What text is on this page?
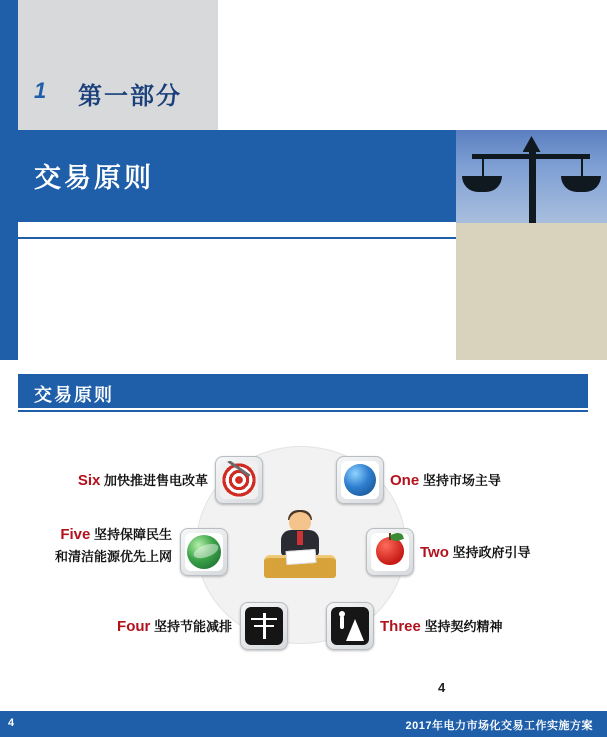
1 第一部分
交易原则
交易原则
One 坚持市场主导
Two 坚持政府引导
Three 坚持契约精神
Four 坚持节能减排
Five 坚持保障民生
和清洁能源优先上网
Six 加快推进售电改革
4
4	2017年电力市场化交易工作实施方案
